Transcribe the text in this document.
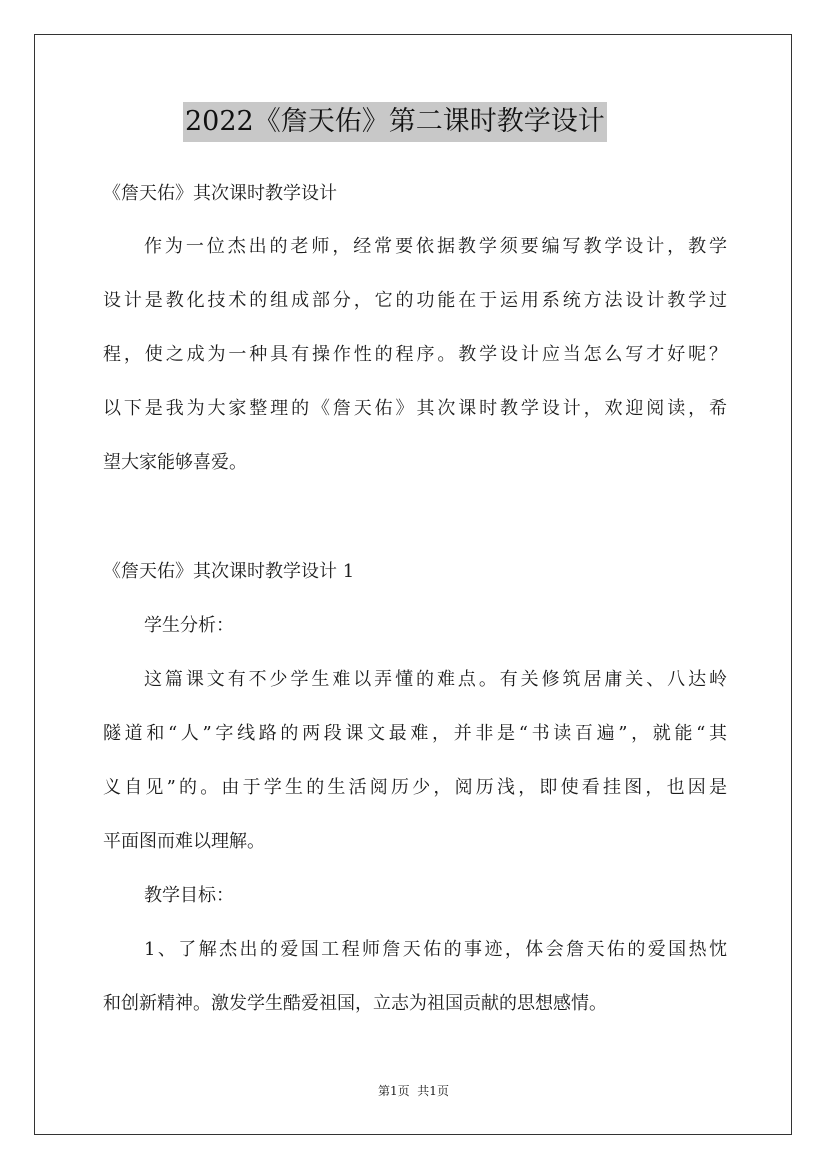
2022《詹天佑》第二课时教学设计
《詹天佑》其次课时教学设计
作为一位杰出的老师，经常要依据教学须要编写教学设计，教学
设计是教化技术的组成部分，它的功能在于运用系统方法设计教学过
程，使之成为一种具有操作性的程序。教学设计应当怎么写才好呢？
以下是我为大家整理的《詹天佑》其次课时教学设计，欢迎阅读，希
望大家能够喜爱。
《詹天佑》其次课时教学设计 1
学生分析：
这篇课文有不少学生难以弄懂的难点。有关修筑居庸关、八达岭
隧道和“人”字线路的两段课文最难，并非是“书读百遍”，就能“其
义自见”的。由于学生的生活阅历少，阅历浅，即使看挂图，也因是
平面图而难以理解。
教学目标：
1、了解杰出的爱国工程师詹天佑的事迹，体会詹天佑的爱国热忱
和创新精神。激发学生酷爱祖国，立志为祖国贡献的思想感情。
第1页  共1页
